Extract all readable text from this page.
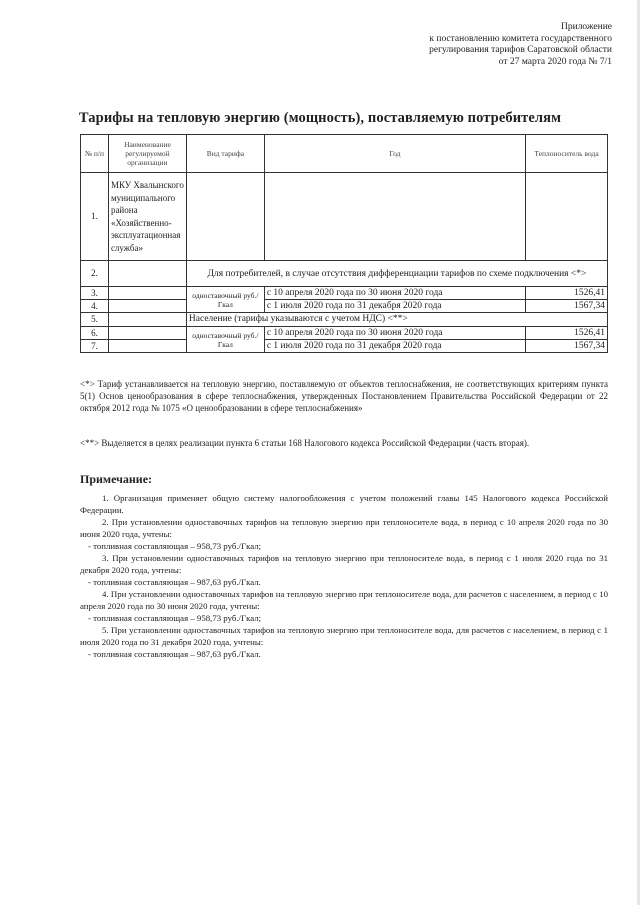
Приложение
к постановлению комитета государственного
регулирования тарифов Саратовской области
от 27 марта 2020 года № 7/1
Тарифы на тепловую энергию (мощность), поставляемую потребителям
№ п/п	Наименование регулируемой организации	Вид тарифа	Год	Теплоноситель вода
1.	МКУ Хвалынского муниципального района «Хозяйственно-эксплуатационная служба»			
2.		Для потребителей, в случае отсутствия дифференциации тарифов по схеме подключения <*>		
3.		одноставочный руб./Гкал	с 10 апреля 2020 года по 30 июня 2020 года	1526,41
4.			с 1 июля 2020 года по 31 декабря 2020 года	1567,34
5.		Население (тарифы указываются с учетом НДС) <**>		
6.		одноставочный руб./Гкал	с 10 апреля 2020 года по 30 июня 2020 года	1526,41
7.			с 1 июля 2020 года по 31 декабря 2020 года	1567,34

<*> Тариф устанавливается на тепловую энергию, поставляемую от объектов теплоснабжения, не соответствующих критериям пункта 5(1) Основ ценообразования в сфере теплоснабжения, утвержденных Постановлением Правительства Российской Федерации от 22 октября 2012 года № 1075 «О ценообразовании в сфере теплоснабжения»

<**> Выделяется в целях реализации пункта 6 статьи 168 Налогового кодекса Российской Федерации (часть вторая).

Примечание:

1. Организация применяет общую систему налогообложения с учетом положений главы 145 Налогового кодекса Российской Федерации.

2. При установлении одноставочных тарифов на тепловую энергию при теплоносителе вода, в период с 10 апреля 2020 года по 30 июня 2020 года, учтены:

- топливная составляющая – 958,73 руб./Гкал;

3. При установлении одноставочных тарифов на тепловую энергию при теплоносителе вода, в период с 1 июля 2020 года по 31 декабря 2020 года, учтены:

- топливная составляющая – 987,63 руб./Гкал.

4. При установлении одноставочных тарифов на тепловую энергию при теплоносителе вода, для расчетов с населением, в период с 10 апреля 2020 года по 30 июня 2020 года, учтены:

- топливная составляющая – 958,73 руб./Гкал;

5. При установлении одноставочных тарифов на тепловую энергию при теплоносителе вода, для расчетов с населением, в период с 1 июля 2020 года по 31 декабря 2020 года, учтены:

- топливная составляющая – 987,63 руб./Гкал.
